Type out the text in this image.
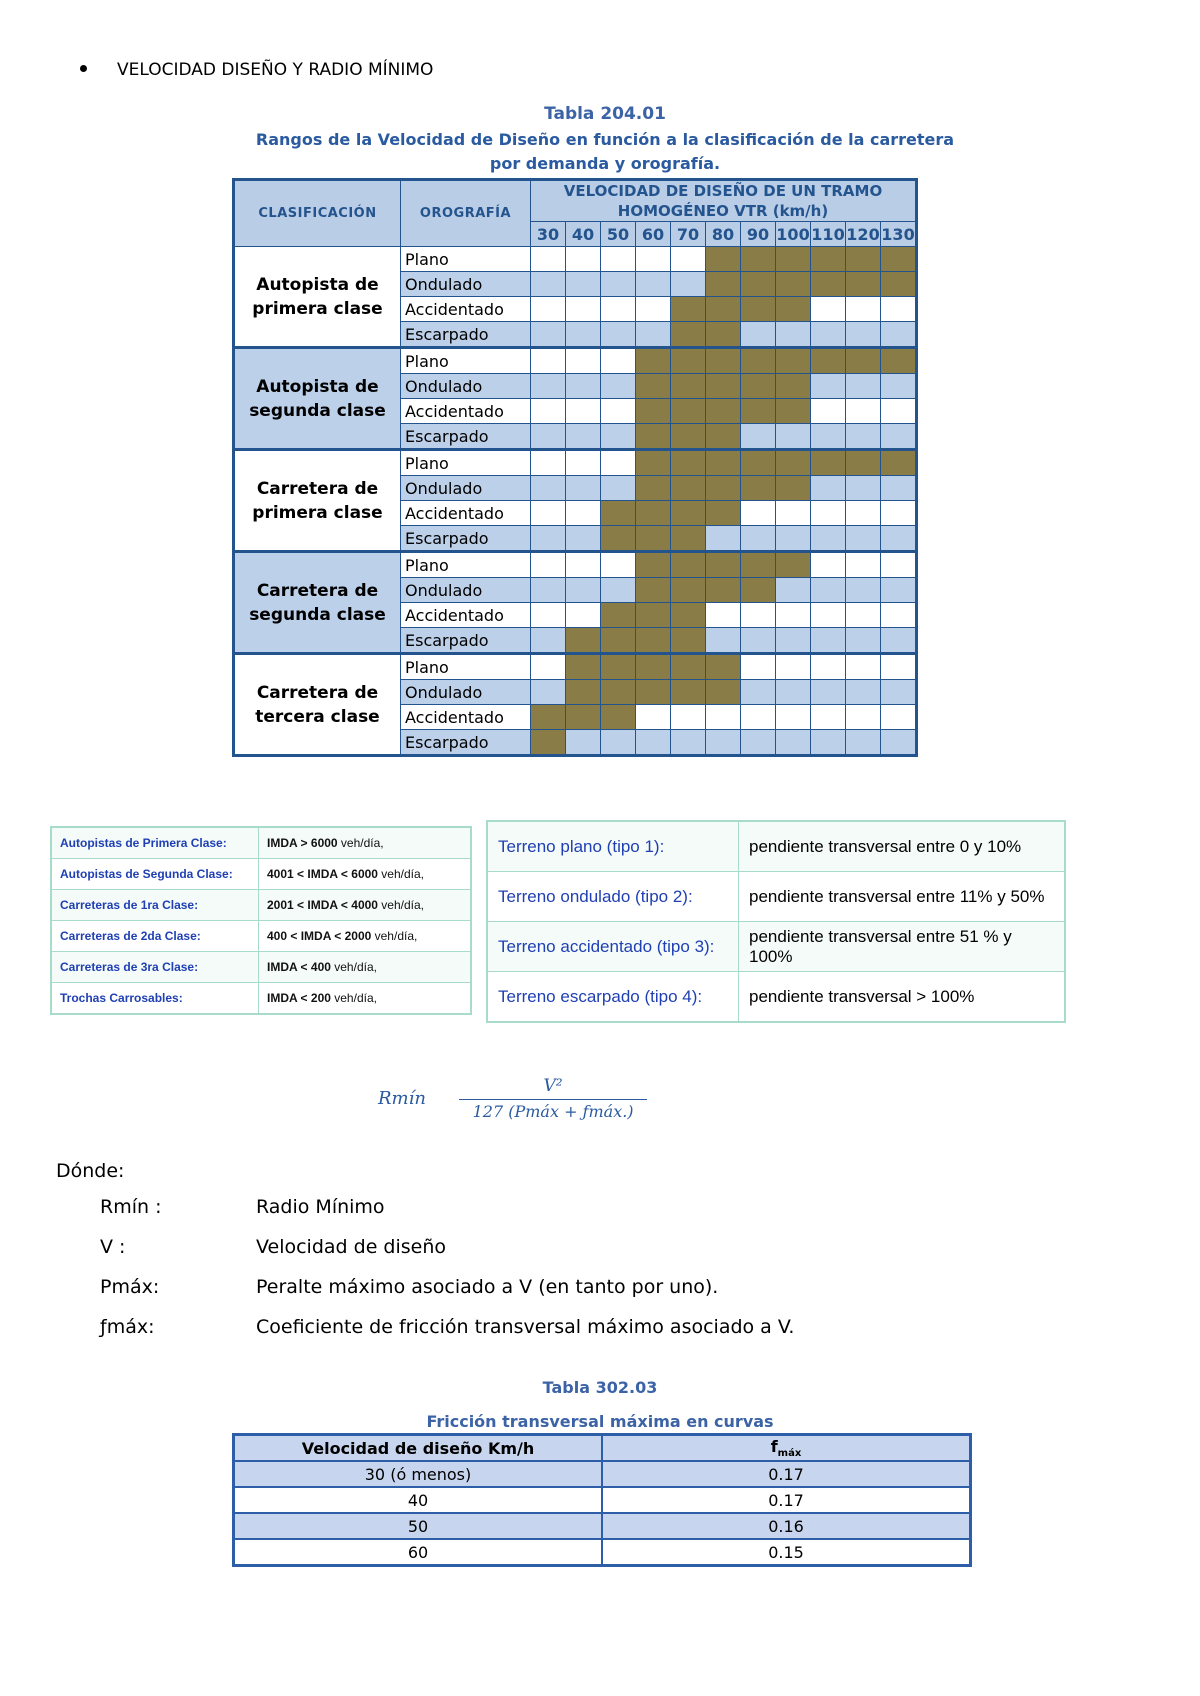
VELOCIDAD DISEÑO Y RADIO MÍNIMO
Tabla 204.01
Rangos de la Velocidad de Diseño en función a la clasificación de la carretera
por demanda y orografía.
CLASIFICACIÓN	OROGRAFÍA	VELOCIDAD DE DISEÑO DE UN TRAMO
HOMOGÉNEO VTR (km/h)										
		30	40	50	60	70	80	90	100	110	120	130
Autopista de
primera clase	Plano											
	Ondulado											
	Accidentado											
	Escarpado											
Autopista de
segunda clase	Plano											
	Ondulado											
	Accidentado											
	Escarpado											
Carretera de
primera clase	Plano											
	Ondulado											
	Accidentado											
	Escarpado											
Carretera de
segunda clase	Plano											
	Ondulado											
	Accidentado											
	Escarpado											
Carretera de
tercera clase	Plano											
	Ondulado											
	Accidentado											
	Escarpado											
Autopistas de Primera Clase:	IMDA > 6000 veh/día,
Autopistas de Segunda Clase:	4001 < IMDA < 6000 veh/día,
Carreteras de 1ra Clase:	2001 < IMDA < 4000 veh/día,
Carreteras de 2da Clase:	400 < IMDA < 2000 veh/día,
Carreteras de 3ra Clase:	IMDA < 400 veh/día,
Trochas Carrosables:	IMDA < 200 veh/día,
Terreno plano (tipo 1):	pendiente transversal entre 0 y 10%
Terreno ondulado (tipo 2):	pendiente transversal entre 11% y 50%
Terreno accidentado (tipo 3):	pendiente transversal entre 51 % y 100%
Terreno escarpado (tipo 4):	pendiente transversal > 100%
Rmín
V²
127 (Pmáx + ƒmáx.)
Dónde:
Rmín :	Radio Mínimo
V :	Velocidad de diseño
Pmáx:	Peralte máximo asociado a V (en tanto por uno).
ƒmáx:	Coeficiente de fricción transversal máximo asociado a V.
Tabla 302.03
Fricción transversal máxima en curvas
Velocidad de diseño Km/h	$f_{máx}$
30 (ó menos)	0.17
40	0.17
50	0.16
60	0.15
